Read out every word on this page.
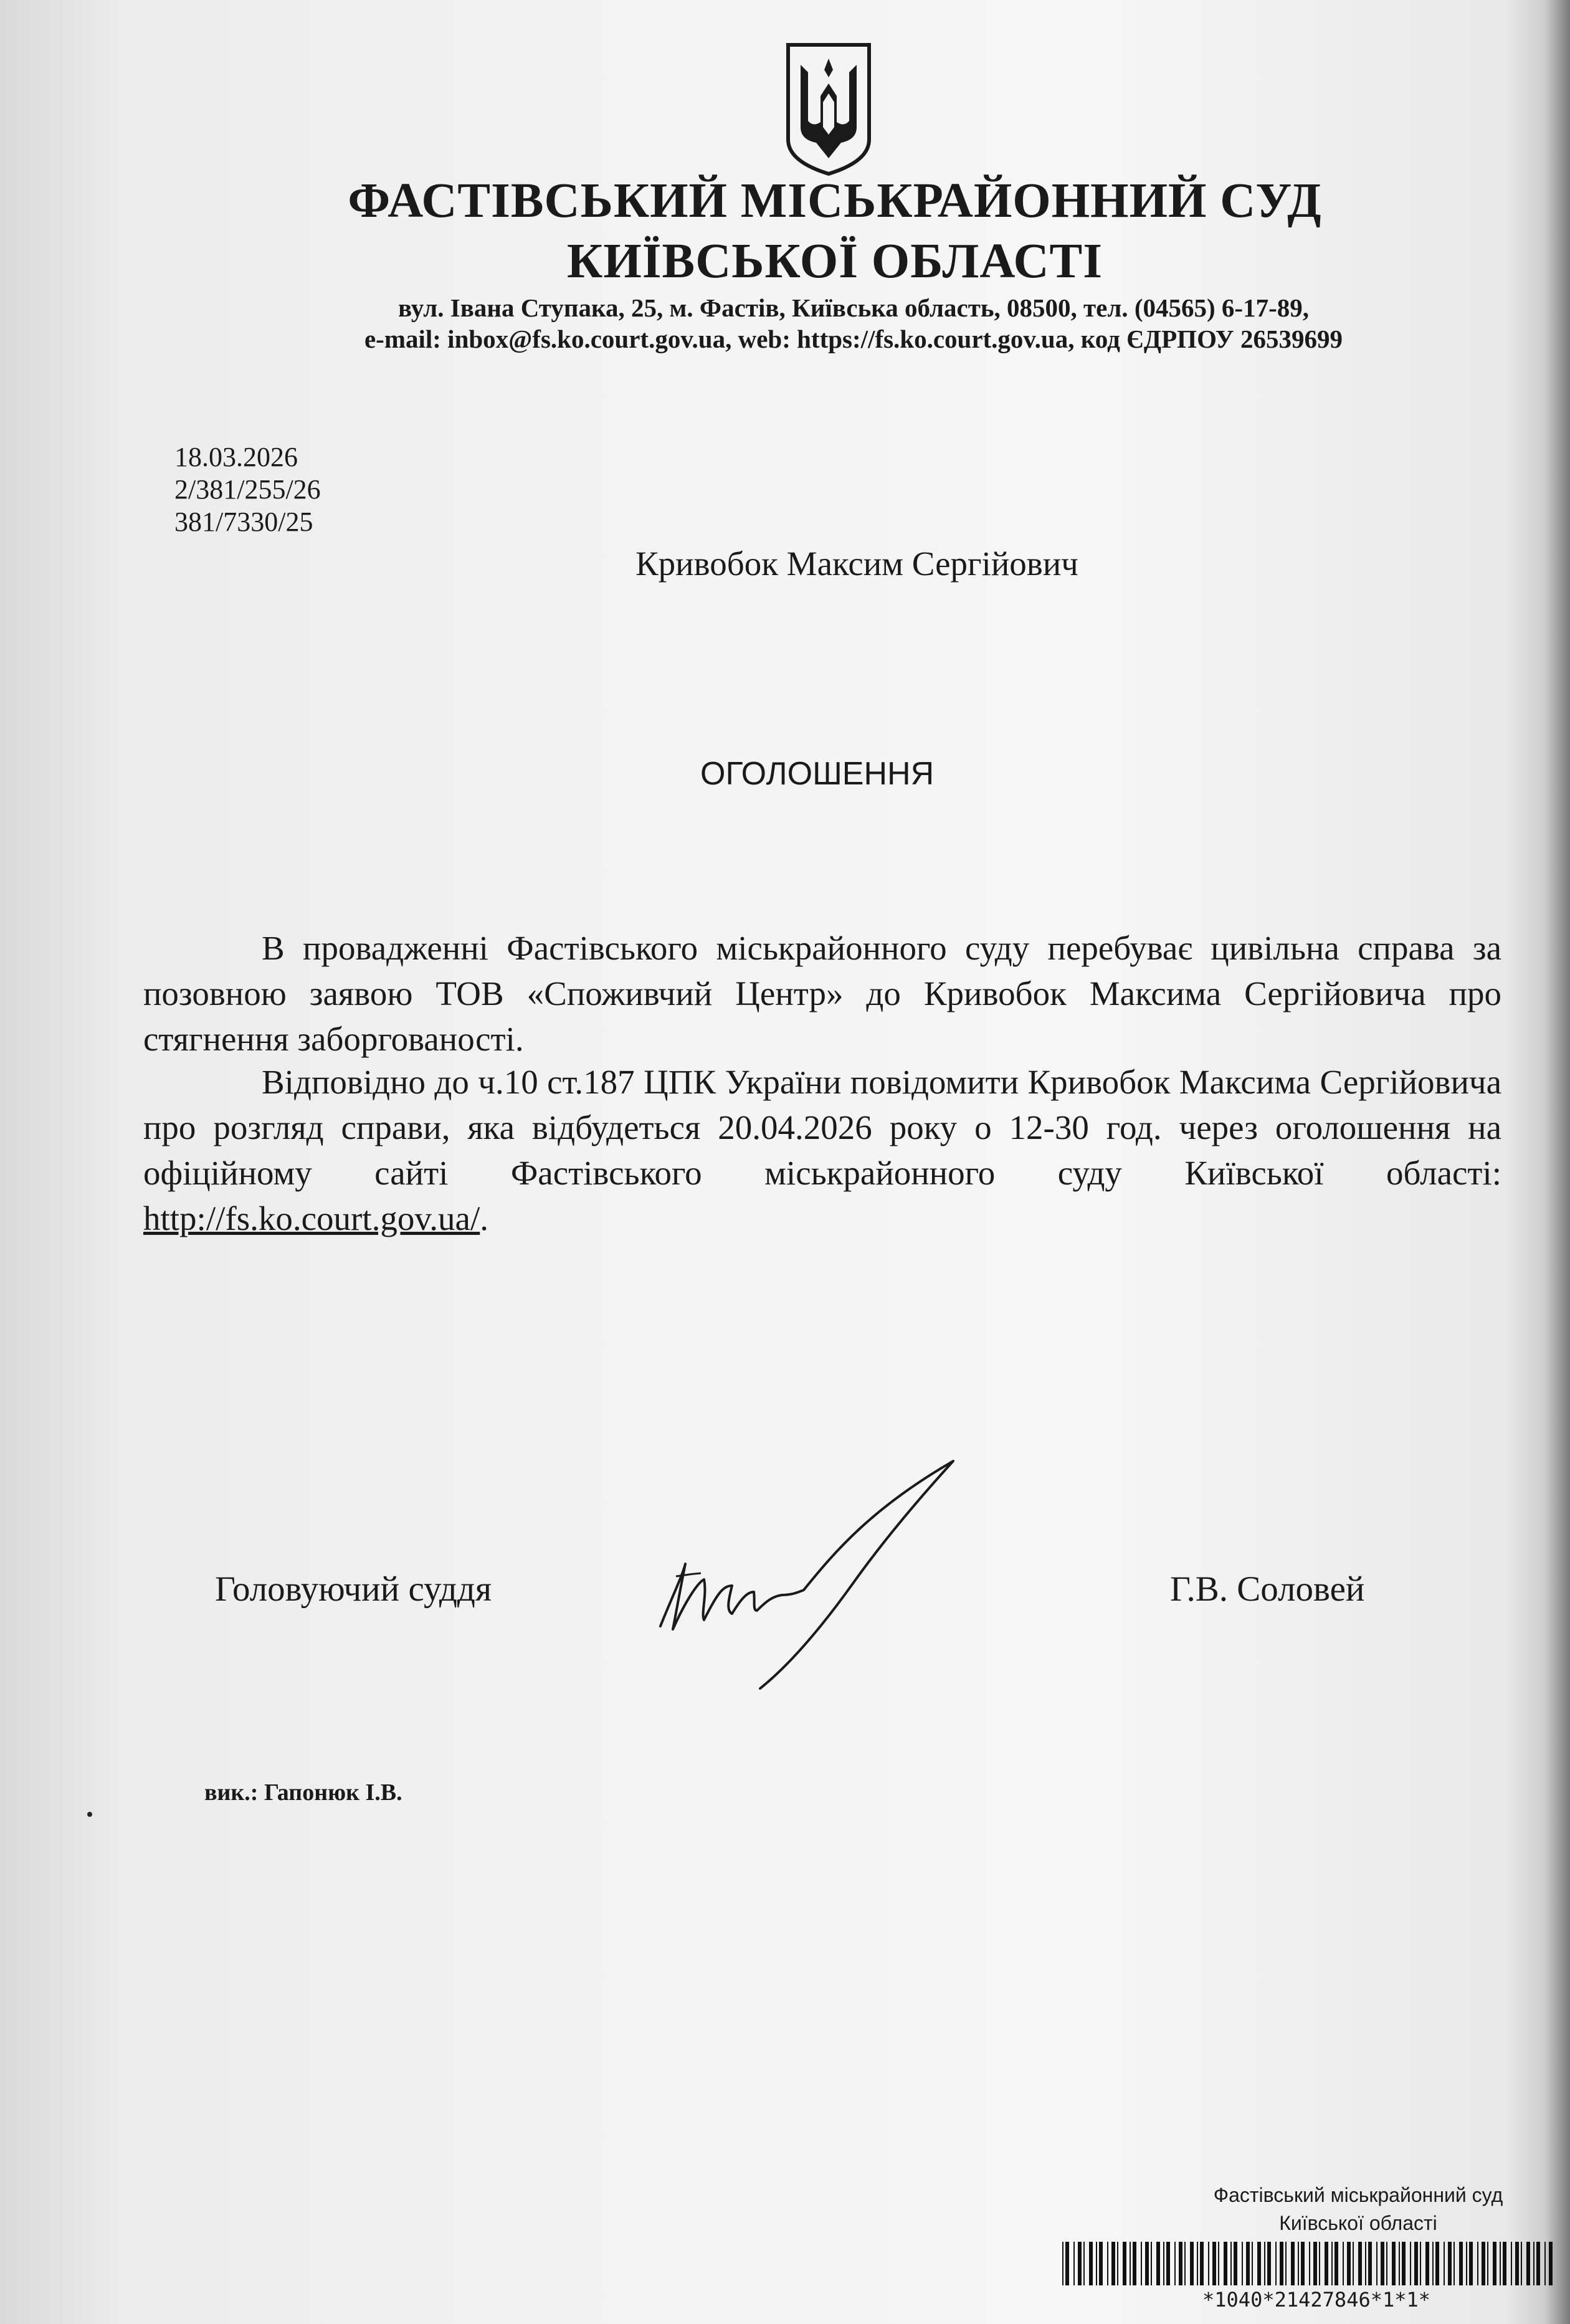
ФАСТІВСЬКИЙ МІСЬКРАЙОННИЙ СУД
КИЇВСЬКОЇ ОБЛАСТІ
вул. Івана Ступака, 25, м. Фастів, Київська область, 08500, тел. (04565) 6-17-89,
e-mail: inbox@fs.ko.court.gov.ua, web: https://fs.ko.court.gov.ua, код ЄДРПОУ 26539699
18.03.2026
2/381/255/26
381/7330/25
Кривобок Максим Сергійович
ОГОЛОШЕННЯ
В провадженні Фастівського міськрайонного суду перебуває цивільна справа за позовною заявою ТОВ «Споживчий Центр» до Кривобок Максима Сергійовича про стягнення заборгованості.
Відповідно до ч.10 ст.187 ЦПК України повідомити Кривобок Максима Сергійовича про розгляд справи, яка відбудеться 20.04.2026 року о 12-30 год. через оголошення на офіційному сайті Фастівського міськрайонного суду Київської області: http://fs.ko.court.gov.ua/.
Головуючий суддя	Г.В. Соловей
вик.: Гапонюк І.В.
Фастівський міськрайонний суд
Київської області
*1040*21427846*1*1*
